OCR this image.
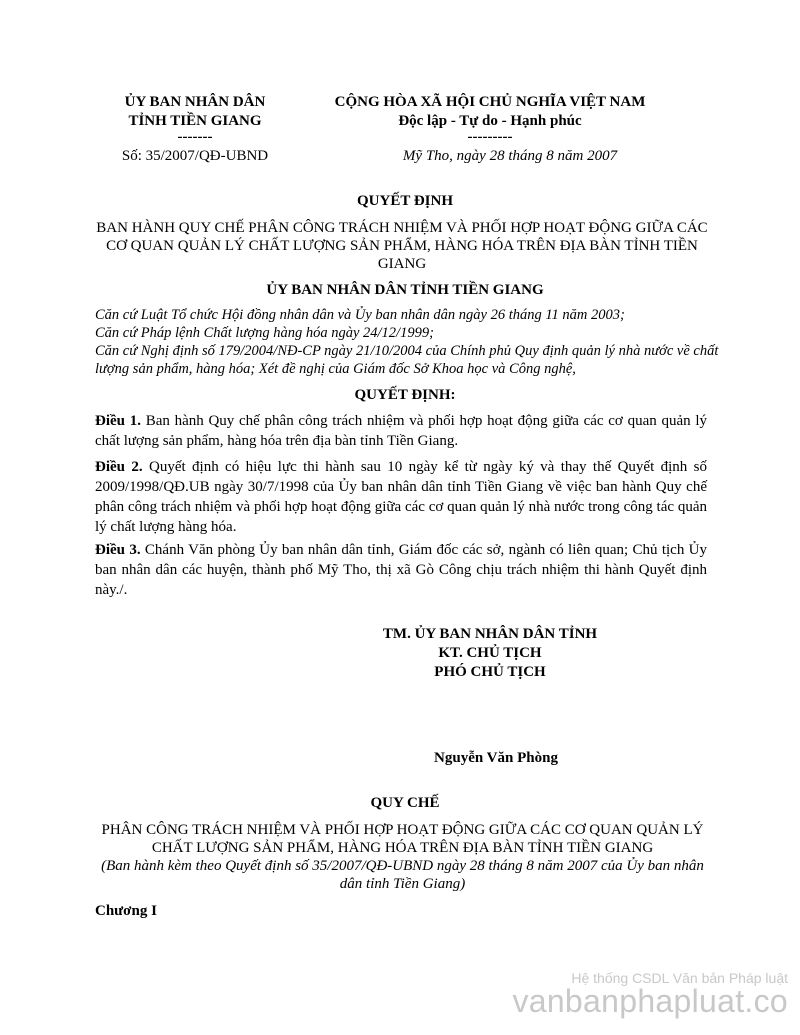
ỦY BAN NHÂN DÂN
TỈNH TIỀN GIANG
-------
Số: 35/2007/QĐ-UBND
CỘNG HÒA XÃ HỘI CHỦ NGHĨA VIỆT NAM
Độc lập - Tự do - Hạnh phúc
---------
Mỹ Tho, ngày 28 tháng 8 năm 2007
QUYẾT ĐỊNH
BAN HÀNH QUY CHẾ PHÂN CÔNG TRÁCH NHIỆM VÀ PHỐI HỢP HOẠT ĐỘNG GIỮA CÁC CƠ QUAN QUẢN LÝ CHẤT LƯỢNG SẢN PHẨM, HÀNG HÓA TRÊN ĐỊA BÀN TỈNH TIỀN GIANG
ỦY BAN NHÂN DÂN TỈNH TIỀN GIANG
Căn cứ Luật Tổ chức Hội đồng nhân dân và Ủy ban nhân dân ngày 26 tháng 11 năm 2003;
Căn cứ Pháp lệnh Chất lượng hàng hóa ngày 24/12/1999;
Căn cứ Nghị định số 179/2004/NĐ-CP ngày 21/10/2004 của Chính phủ Quy định quản lý nhà nước về chất lượng sản phẩm, hàng hóa; Xét đề nghị của Giám đốc Sở Khoa học và Công nghệ,
QUYẾT ĐỊNH:
Điều 1. Ban hành Quy chế phân công trách nhiệm và phối hợp hoạt động giữa các cơ quan quản lý chất lượng sản phẩm, hàng hóa trên địa bàn tỉnh Tiền Giang.
Điều 2. Quyết định có hiệu lực thi hành sau 10 ngày kể từ ngày ký và thay thế Quyết định số 2009/1998/QĐ.UB ngày 30/7/1998 của Ủy ban nhân dân tỉnh Tiền Giang về việc ban hành Quy chế phân công trách nhiệm và phối hợp hoạt động giữa các cơ quan quản lý nhà nước trong công tác quản lý chất lượng hàng hóa.
Điều 3. Chánh Văn phòng Ủy ban nhân dân tỉnh, Giám đốc các sở, ngành có liên quan; Chủ tịch Ủy ban nhân dân các huyện, thành phố Mỹ Tho, thị xã Gò Công chịu trách nhiệm thi hành Quyết định này./.
TM. ỦY BAN NHÂN DÂN TỈNH
KT. CHỦ TỊCH
PHÓ CHỦ TỊCH
Nguyễn Văn Phòng
QUY CHẾ
PHÂN CÔNG TRÁCH NHIỆM VÀ PHỐI HỢP HOẠT ĐỘNG GIỮA CÁC CƠ QUAN QUẢN LÝ CHẤT LƯỢNG SẢN PHẨM, HÀNG HÓA TRÊN ĐỊA BÀN TỈNH TIỀN GIANG
(Ban hành kèm theo Quyết định số 35/2007/QĐ-UBND ngày 28 tháng 8 năm 2007 của Ủy ban nhân dân tỉnh Tiền Giang)
Chương I
Hệ thống CSDL Văn bản Pháp luật
vanbanphapluat.co
